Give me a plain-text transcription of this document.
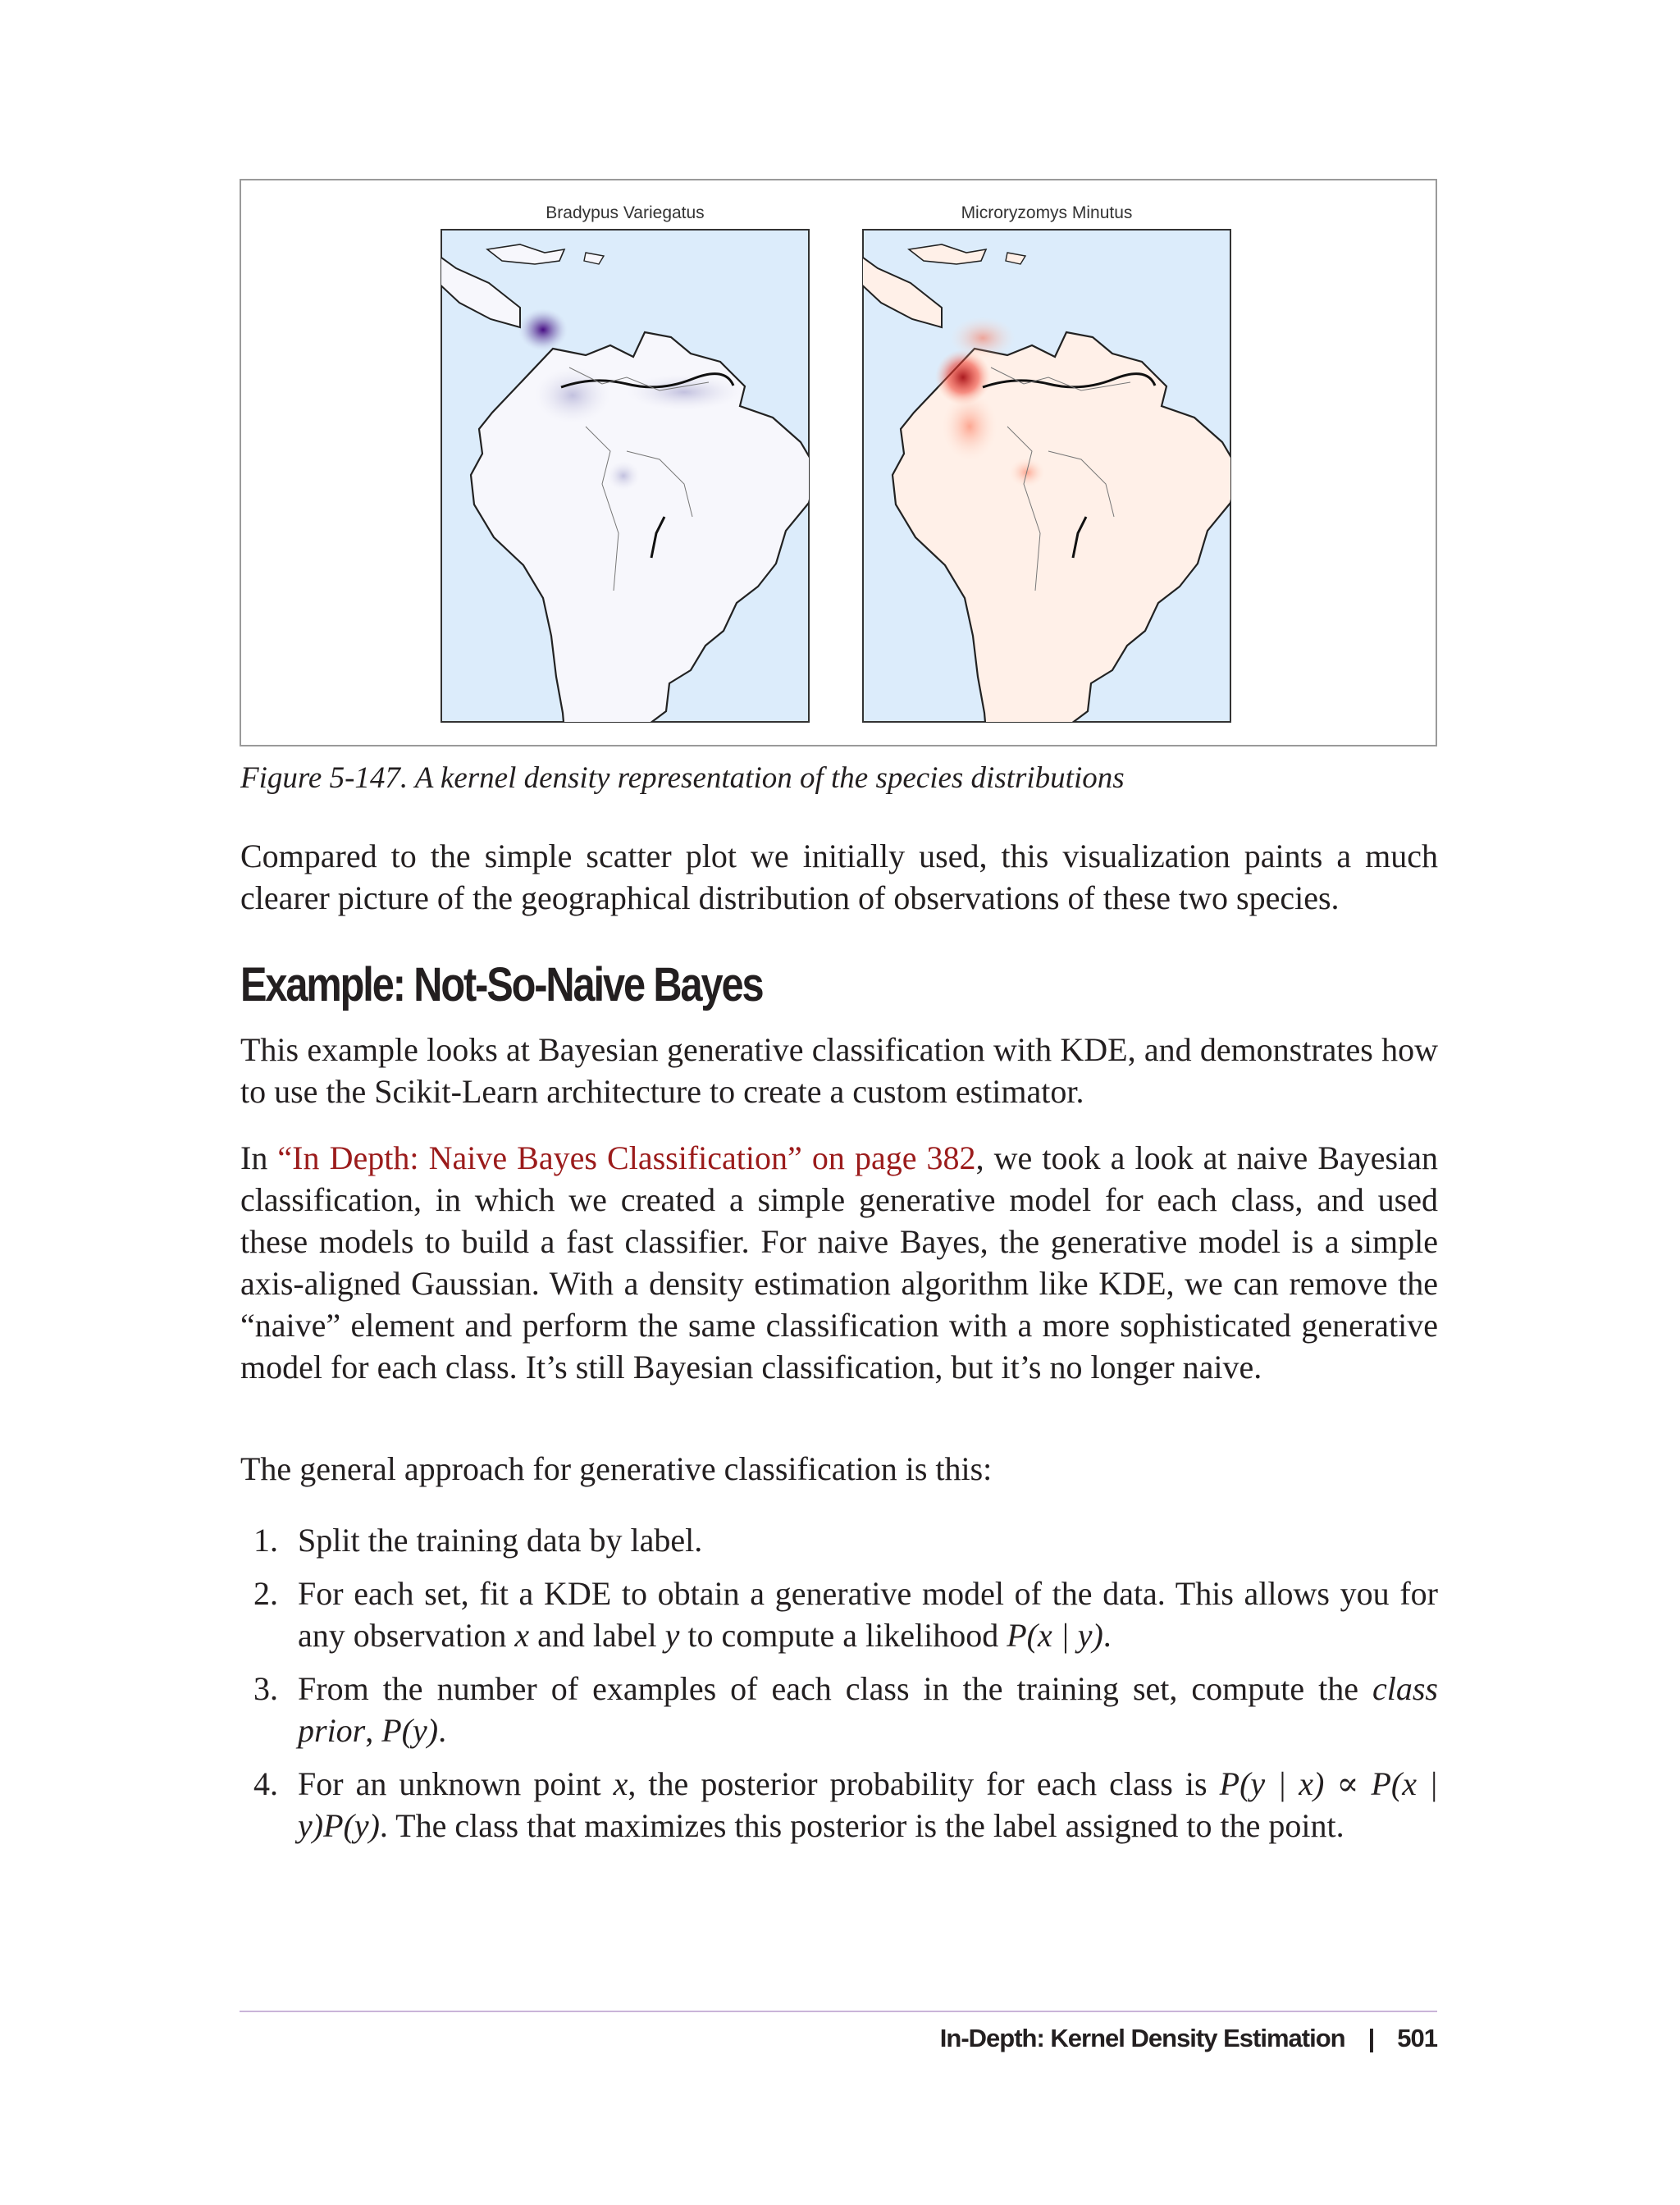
Bradypus Variegatus	Microryzomys Minutus
Figure 5-147. A kernel density representation of the species distributions

Compared to the simple scatter plot we initially used, this visualization paints a much clearer picture of the geographical distribution of observations of these two species.

Example: Not-So-Naive Bayes

This example looks at Bayesian generative classification with KDE, and demonstrates how to use the Scikit-Learn architecture to create a custom estimator.

In “In Depth: Naive Bayes Classification” on page 382, we took a look at naive Bayesian classification, in which we created a simple generative model for each class, and used these models to build a fast classifier. For naive Bayes, the generative model is a simple axis-aligned Gaussian. With a density estimation algorithm like KDE, we can remove the “naive” element and perform the same classification with a more sophisticated generative model for each class. It’s still Bayesian classification, but it’s no longer naive.

The general approach for generative classification is this:

1. Split the training data by label.
2. For each set, fit a KDE to obtain a generative model of the data. This allows you for any observation x and label y to compute a likelihood P(x | y).
3. From the number of examples of each class in the training set, compute the class prior, P(y).
4. For an unknown point x, the posterior probability for each class is P(y | x) ∝ P(x | y)P(y). The class that maximizes this posterior is the label assigned to the point.
In-Depth: Kernel Density Estimation | 501
